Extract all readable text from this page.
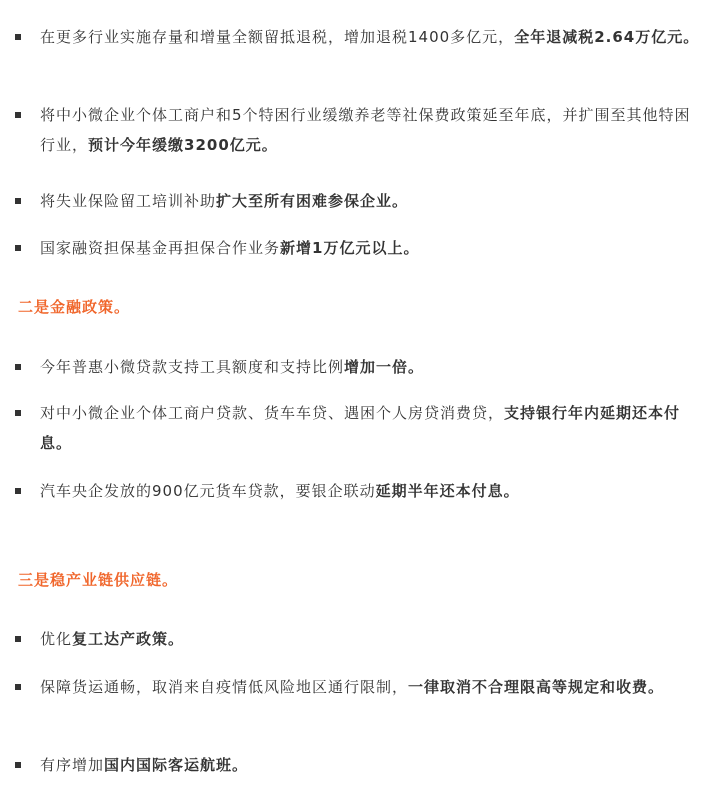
在更多行业实施存量和增量全额留抵退税，增加退税1400多亿元，全年退减税2.64万亿元。
将中小微企业个体工商户和5个特困行业缓缴养老等社保费政策延至年底，并扩围至其他特困行业，预计今年缓缴3200亿元。
将失业保险留工培训补助扩大至所有困难参保企业。
国家融资担保基金再担保合作业务新增1万亿元以上。
二是金融政策。
今年普惠小微贷款支持工具额度和支持比例增加一倍。
对中小微企业个体工商户贷款、货车车贷、遇困个人房贷消费贷，支持银行年内延期还本付息。
汽车央企发放的900亿元货车贷款，要银企联动延期半年还本付息。
三是稳产业链供应链。
优化复工达产政策。
保障货运通畅，取消来自疫情低风险地区通行限制，一律取消不合理限高等规定和收费。
有序增加国内国际客运航班。
